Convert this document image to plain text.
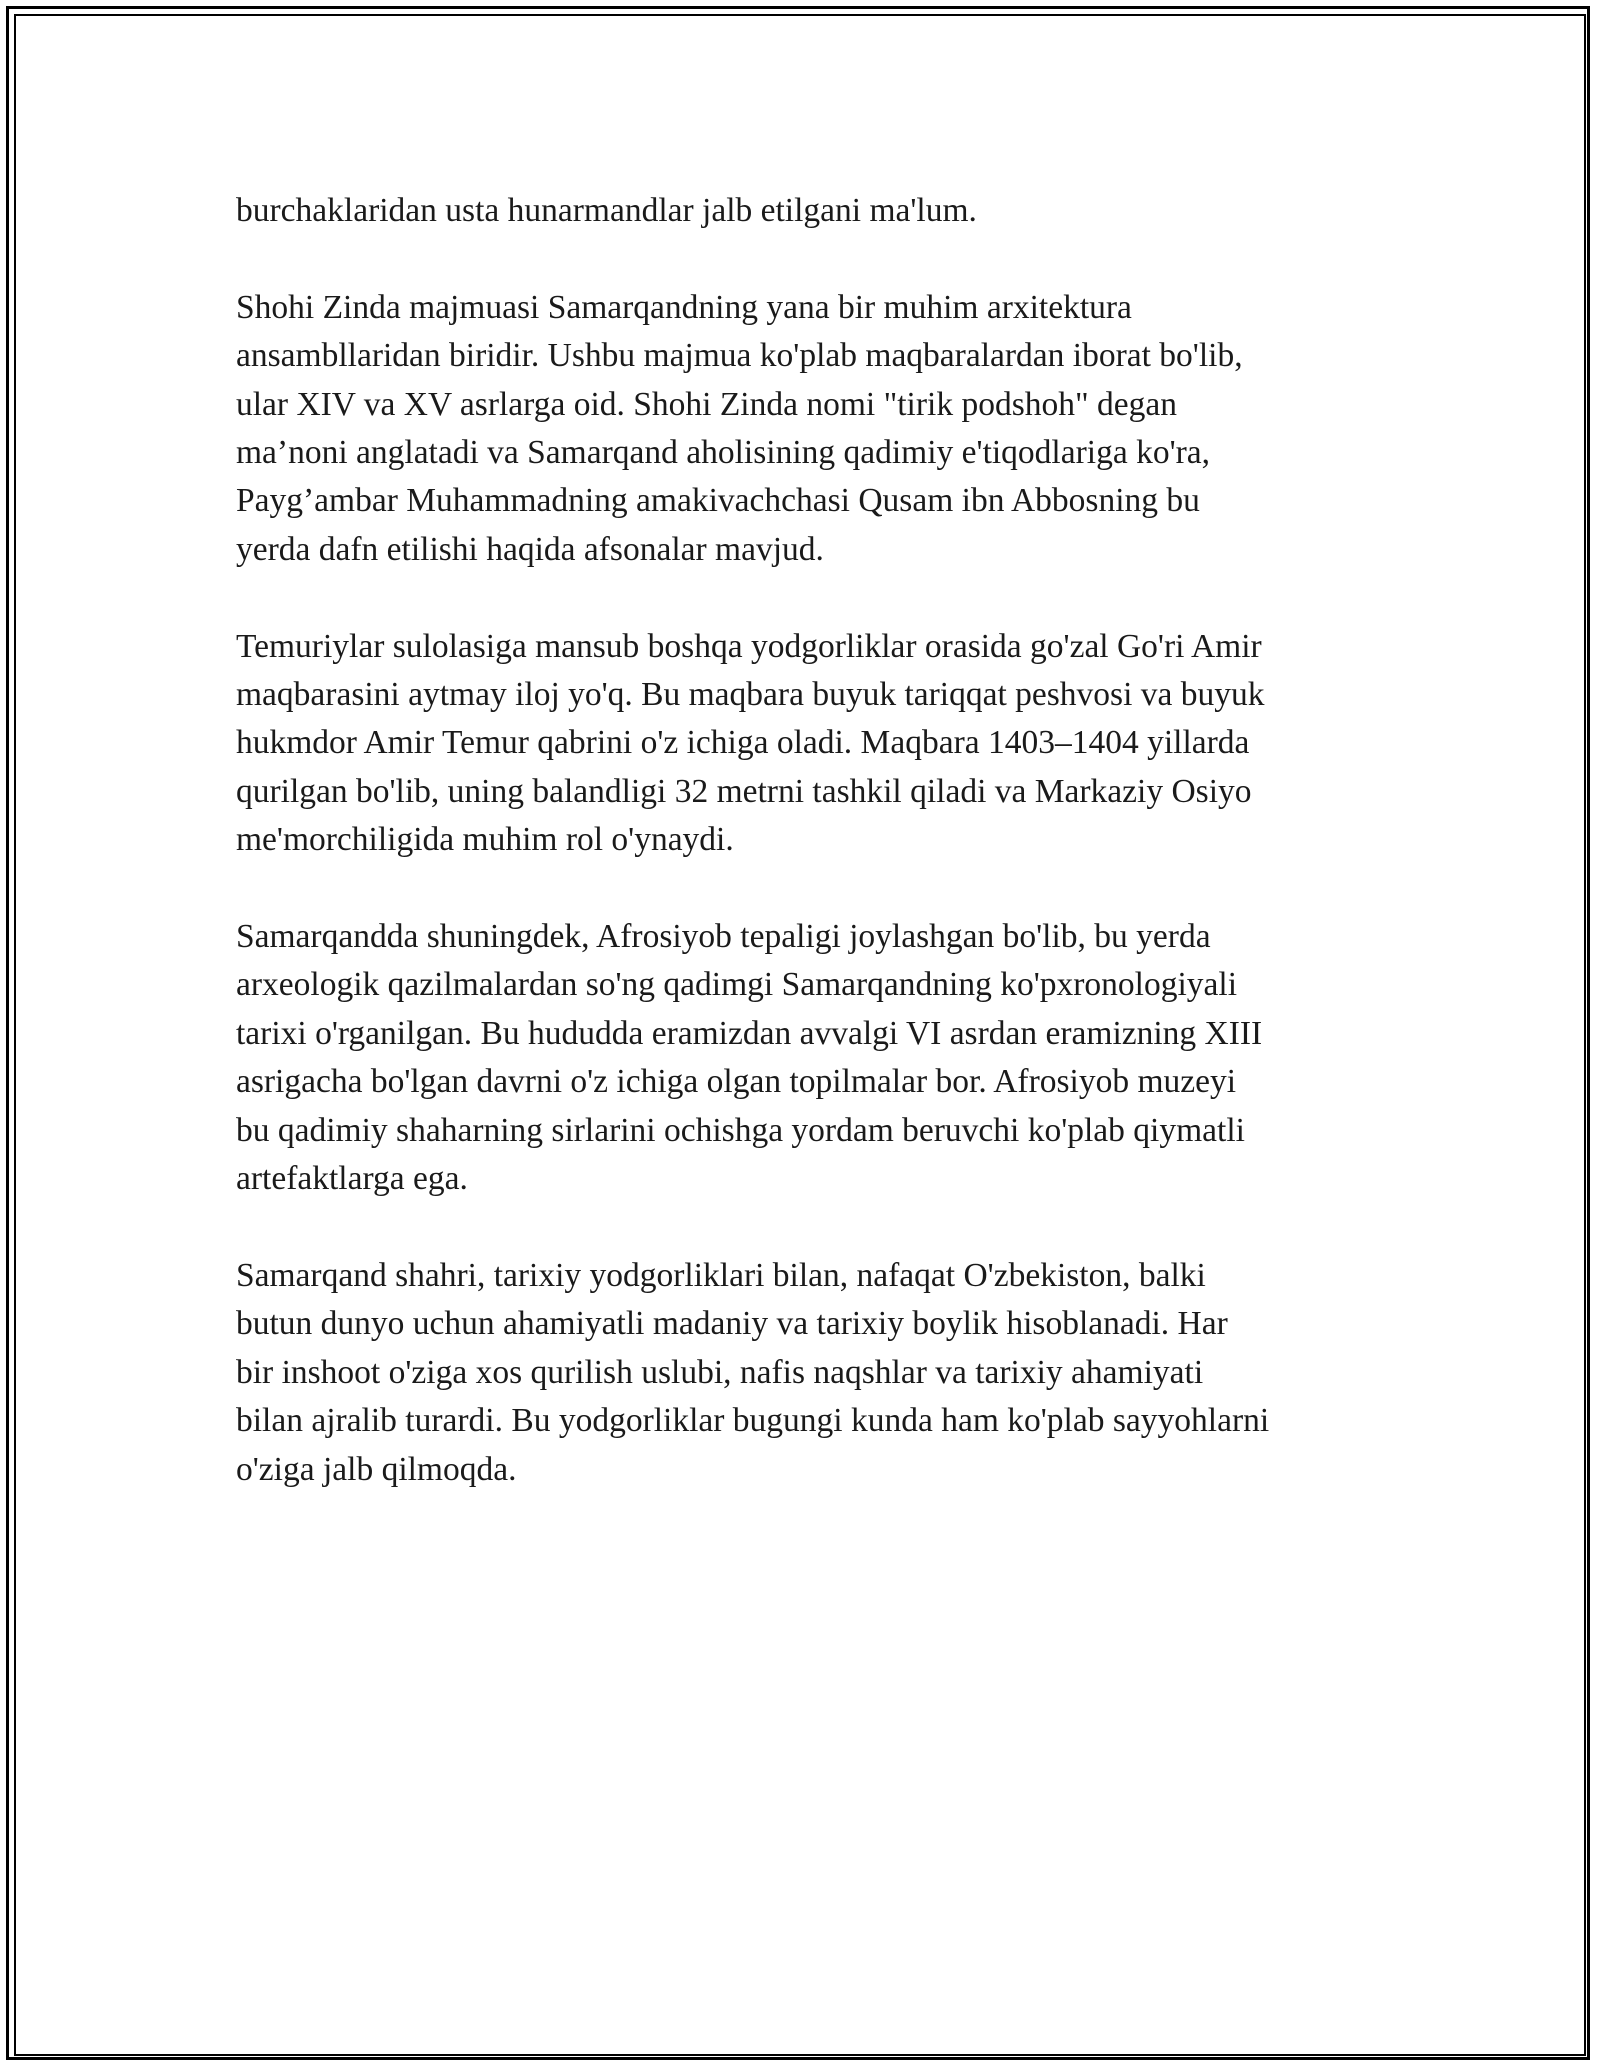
burchaklaridan usta hunarmandlar jalb etilgani ma'lum.

Shohi Zinda majmuasi Samarqandning yana bir muhim arxitektura
ansambllaridan biridir. Ushbu majmua ko'plab maqbaralardan iborat bo'lib,
ular XIV va XV asrlarga oid. Shohi Zinda nomi "tirik podshoh" degan
ma’noni anglatadi va Samarqand aholisining qadimiy e'tiqodlariga ko'ra,
Payg’ambar Muhammadning amakivachchasi Qusam ibn Abbosning bu
yerda dafn etilishi haqida afsonalar mavjud.

Temuriylar sulolasiga mansub boshqa yodgorliklar orasida go'zal Go'ri Amir
maqbarasini aytmay iloj yo'q. Bu maqbara buyuk tariqqat peshvosi va buyuk
hukmdor Amir Temur qabrini o'z ichiga oladi. Maqbara 1403–1404 yillarda
qurilgan bo'lib, uning balandligi 32 metrni tashkil qiladi va Markaziy Osiyo
me'morchiligida muhim rol o'ynaydi.

Samarqandda shuningdek, Afrosiyob tepaligi joylashgan bo'lib, bu yerda
arxeologik qazilmalardan so'ng qadimgi Samarqandning ko'pxronologiyali
tarixi o'rganilgan. Bu hududda eramizdan avvalgi VI asrdan eramizning XIII
asrigacha bo'lgan davrni o'z ichiga olgan topilmalar bor. Afrosiyob muzeyi
bu qadimiy shaharning sirlarini ochishga yordam beruvchi ko'plab qiymatli
artefaktlarga ega.

Samarqand shahri, tarixiy yodgorliklari bilan, nafaqat O'zbekiston, balki
butun dunyo uchun ahamiyatli madaniy va tarixiy boylik hisoblanadi. Har
bir inshoot o'ziga xos qurilish uslubi, nafis naqshlar va tarixiy ahamiyati
bilan ajralib turardi. Bu yodgorliklar bugungi kunda ham ko'plab sayyohlarni
o'ziga jalb qilmoqda.
